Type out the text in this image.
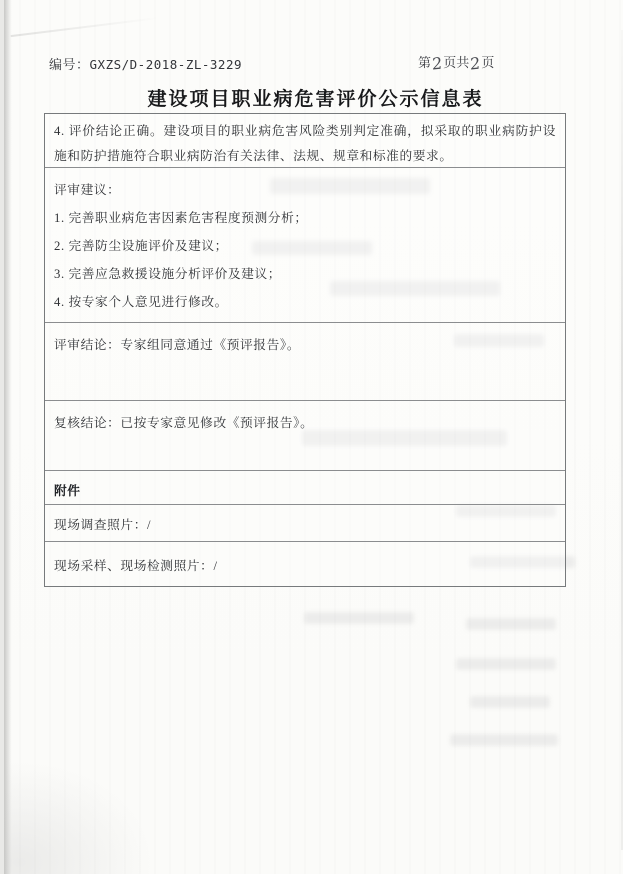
编号：GXZS/D-2018-ZL-3229	第2页共2页
建设项目职业病危害评价公示信息表
4. 评价结论正确。建设项目的职业病危害风险类别判定准确，拟采取的职业病防护设施和防护措施符合职业病防治有关法律、法规、规章和标准的要求。
评审建议：
1. 完善职业病危害因素危害程度预测分析；
2. 完善防尘设施评价及建议；
3. 完善应急救援设施分析评价及建议；
4. 按专家个人意见进行修改。
评审结论：专家组同意通过《预评报告》。
复核结论：已按专家意见修改《预评报告》。
附件
现场调查照片：/
现场采样、现场检测照片：/
